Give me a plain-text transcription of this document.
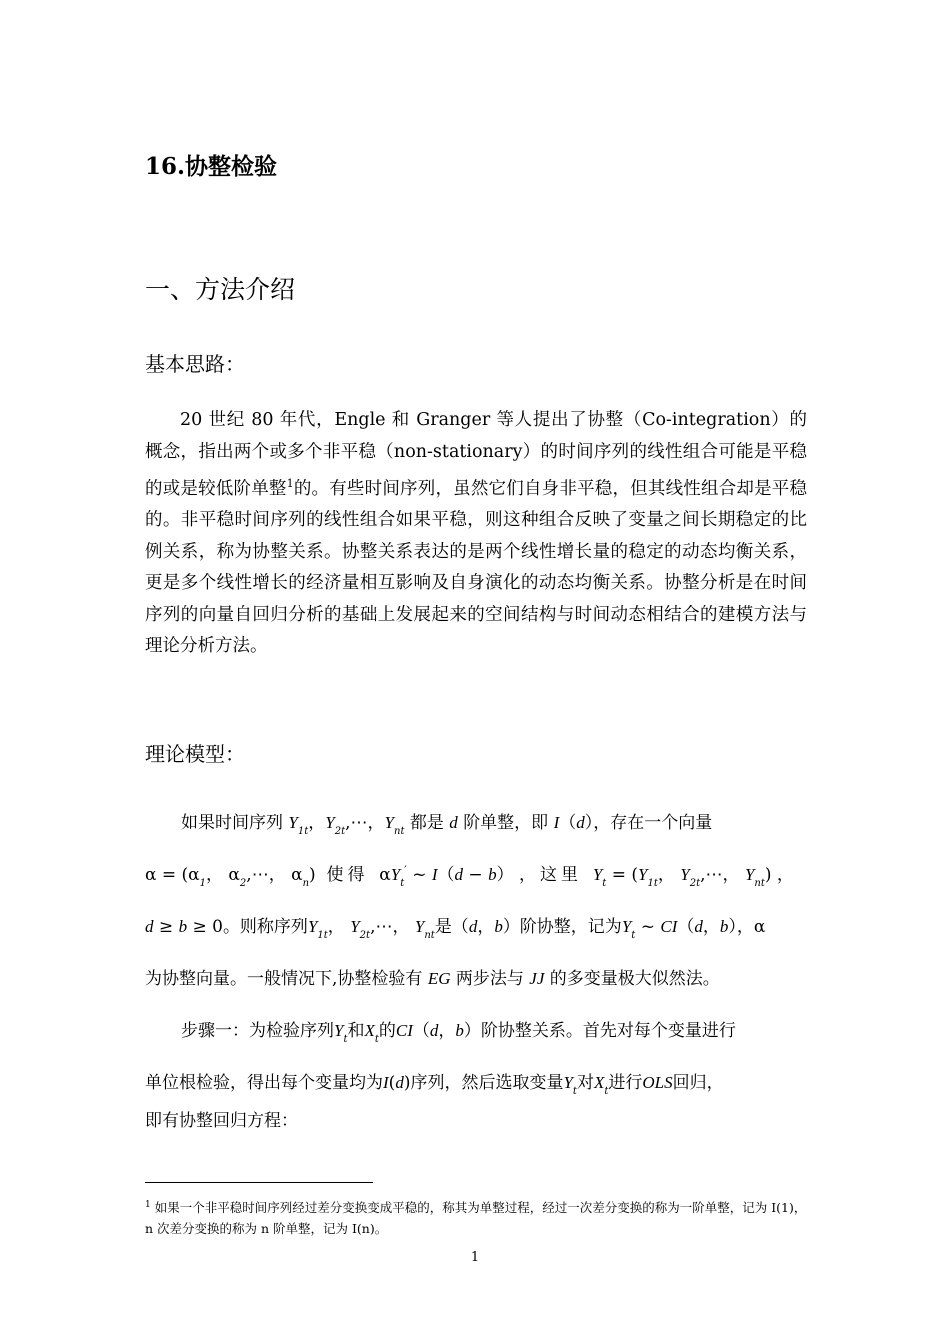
16.协整检验
一、方法介绍
基本思路：

20 世纪 80 年代，Engle 和 Granger 等人提出了协整（Co-integration）的概念，指出两个或多个非平稳（non-stationary）的时间序列的线性组合可能是平稳的或是较低阶单整$^1$的。有些时间序列，虽然它们自身非平稳，但其线性组合却是平稳的。非平稳时间序列的线性组合如果平稳，则这种组合反映了变量之间长期稳定的比例关系，称为协整关系。协整关系表达的是两个线性增长量的稳定的动态均衡关系，更是多个线性增长的经济量相互影响及自身演化的动态均衡关系。协整分析是在时间序列的向量自回归分析的基础上发展起来的空间结构与时间动态相结合的建模方法与理论分析方法。

理论模型：
如果时间序列 $Y_{1t}$，$Y_{2t},\cdots$，$Y_{nt}$ 都是 d 阶单整，即 I（d），存在一个向量
$\alpha = (\alpha_1$， $\alpha_2,\cdots$， $\alpha_n$)  使得  $\alpha Y_t'$ ~ I（d − b） ，这里 $Y_t = (Y_{1t}$， $Y_{2t},\cdots$， $Y_{nt}$) ，
d ≥ b ≥ 0。则称序列$Y_{1t}$， $Y_{2t},\cdots$， $Y_{nt}$是（d，b）阶协整，记为$Y_t$ ~ CI（d，b），α
为协整向量。一般情况下,协整检验有 EG 两步法与 JJ 的多变量极大似然法。
步骤一：为检验序列$Y_t$和$X_t$的CI（d，b）阶协整关系。首先对每个变量进行
单位根检验，得出每个变量均为I(d)序列，然后选取变量$Y_t$对$X_t$进行OLS回归，
即有协整回归方程：
$^1$ 如果一个非平稳时间序列经过差分变换变成平稳的，称其为单整过程，经过一次差分变换的称为一阶单整，记为 I(1)，n 次差分变换的称为 n 阶单整，记为 I(n)。
1
